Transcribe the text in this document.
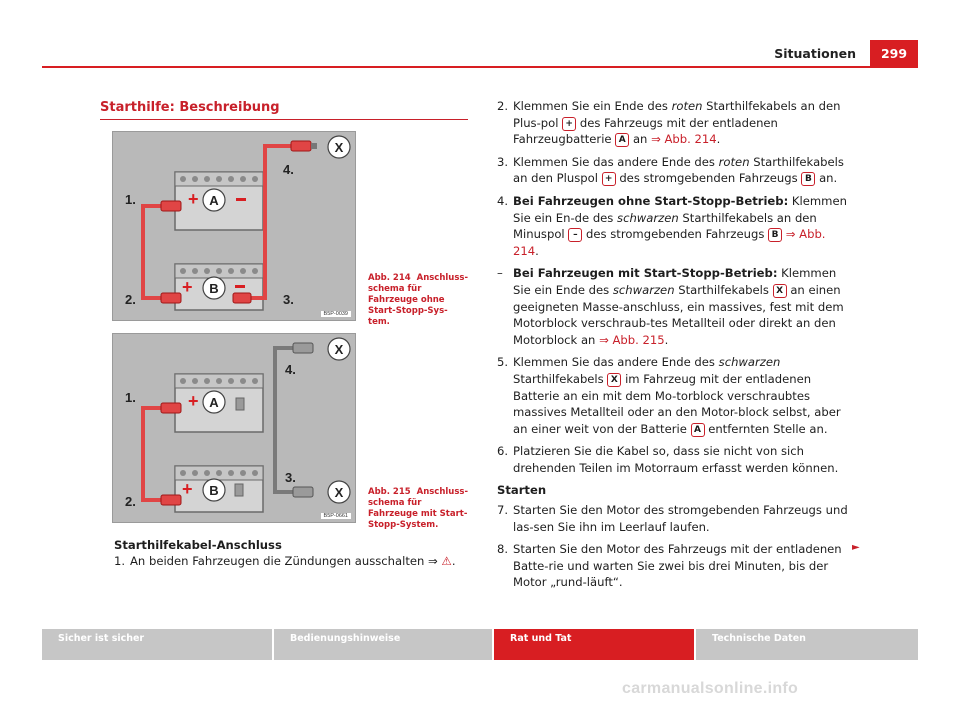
Situationen	299
Starthilfe: Beschreibung
A
+
B
+
X
1.
2.	3.
4.
B5P-0039
Abb. 214 Anschluss-schema für Fahrzeuge ohne Start-Stopp-Sys-tem.
A
+
B
+
X
X
1.
2.
3.
4.
B5P-0661
Abb. 215 Anschluss-schema für Fahrzeuge mit Start-Stopp-System.
Starthilfekabel-Anschluss
1. An beiden Fahrzeugen die Zündungen ausschalten ⇒ ⚠.
2. Klemmen Sie ein Ende des roten Starthilfekabels an den Plus-pol + des Fahrzeugs mit der entladenen Fahrzeugbatterie A an ⇒ Abb. 214.
3. Klemmen Sie das andere Ende des roten Starthilfekabels an den Pluspol + des stromgebenden Fahrzeugs B an.
4. Bei Fahrzeugen ohne Start-Stopp-Betrieb: Klemmen Sie ein En-de des schwarzen Starthilfekabels an den Minuspol – des stromgebenden Fahrzeugs B ⇒ Abb. 214.
– Bei Fahrzeugen mit Start-Stopp-Betrieb: Klemmen Sie ein Ende des schwarzen Starthilfekabels X an einen geeigneten Masse-anschluss, ein massives, fest mit dem Motorblock verschraub-tes Metallteil oder direkt an den Motorblock an ⇒ Abb. 215.
5. Klemmen Sie das andere Ende des schwarzen Starthilfekabels X im Fahrzeug mit der entladenen Batterie an ein mit dem Mo-torblock verschraubtes massives Metallteil oder an den Motor-block selbst, aber an einer weit von der Batterie A entfernten Stelle an.
6. Platzieren Sie die Kabel so, dass sie nicht von sich drehenden Teilen im Motorraum erfasst werden können.
Starten
7. Starten Sie den Motor des stromgebenden Fahrzeugs und las-sen Sie ihn im Leerlauf laufen.
8. Starten Sie den Motor des Fahrzeugs mit der entladenen Batte-rie und warten Sie zwei bis drei Minuten, bis der Motor „rund-läuft“.
►
Sicher ist sicher	Bedienungshinweise	Rat und Tat	Technische Daten
carmanualsonline.info
